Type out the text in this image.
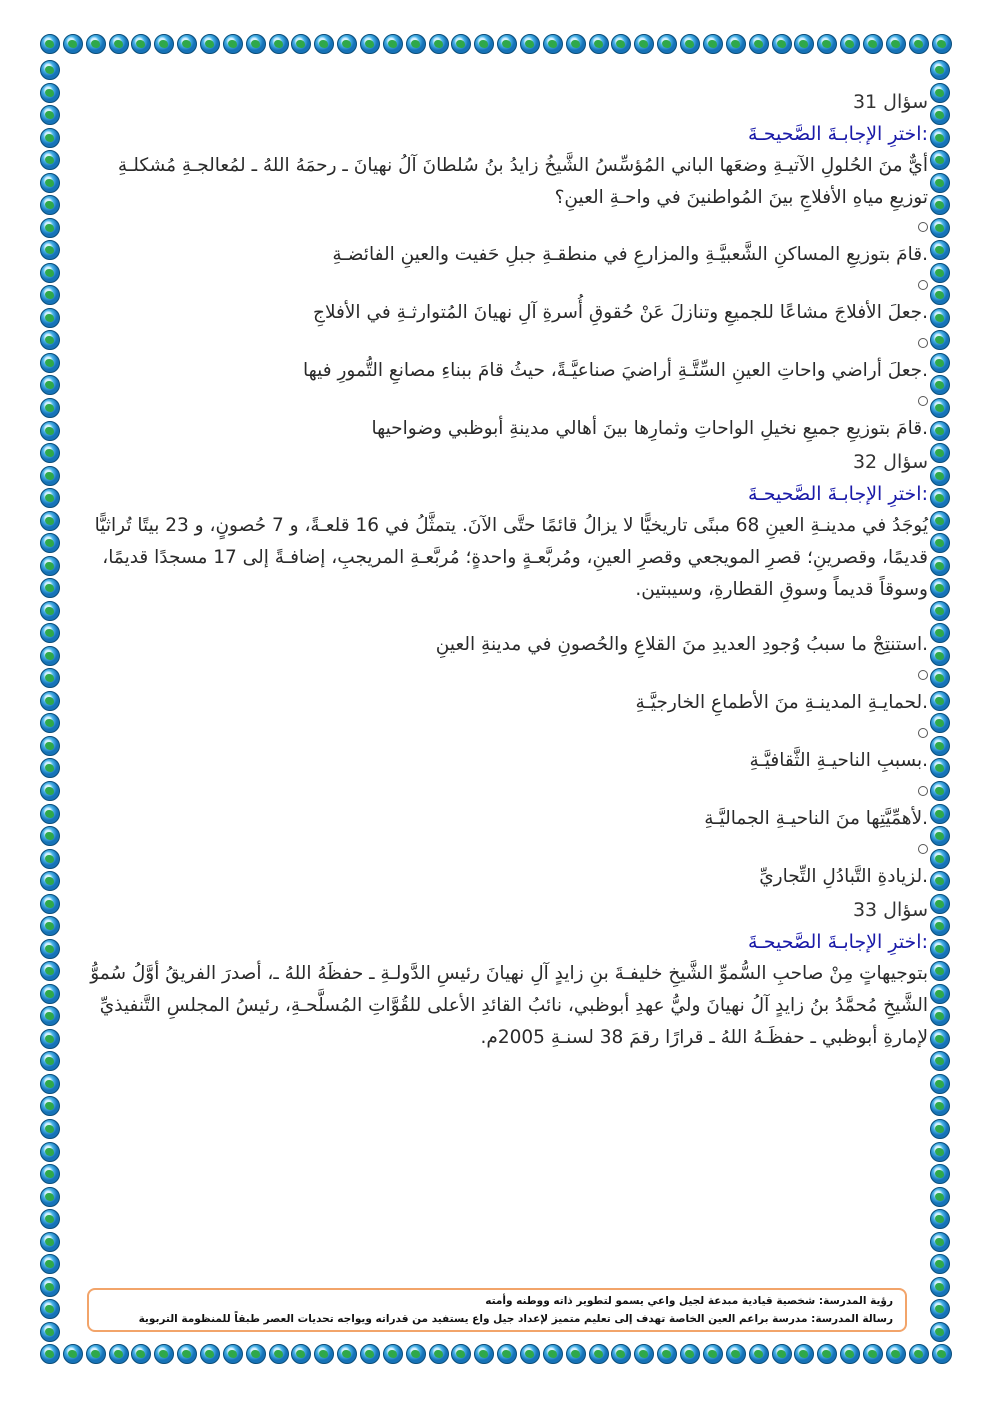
سؤال 31
:اخترِ الإجابـةَ الصَّحيحـةَ
أيٌّ منَ الحُلولِ الآتيـةِ وضعَها الباني المُؤسِّسُ الشَّيخُ زايدُ بنُ سُلطانَ آلُ نهيانَ ـ رحمَهُ اللهُ ـ لمُعالجـةِ مُشكلـةِ توزيعِ مياهِ الأفلاجِ بينَ المُواطنينَ في واحـةِ العينِ؟
.قامَ بتوزيعِ المساكنِ الشَّعبيَّـةِ والمزارعِ في منطقـةِ جبلِ حَفيت والعينِ الفائضـةِ
.جعلَ الأفلاجَ مشاعًا للجميعِ وتنازلَ عَنْ حُقوقِ أُسرةِ آلِ نهيانَ المُتوارثـةِ في الأفلاجِ
.جعلَ أراضي واحاتِ العينِ السِّتَّـةِ أراضيَ صناعيَّـةً، حيثُ قامَ ببناءِ مصانعِ التُّمورِ فيها
.قامَ بتوزيعِ جميعِ نخيلِ الواحاتِ وثمارِها بينَ أهالي مدينةِ أبوظبي وضواحيها
سؤال 32
:اخترِ الإجابـةَ الصَّحيحـةَ
يُوجَدُ في مدينـةِ العينِ 68 مبنًى تاريخيًّا لا يزالُ قائمًا حتَّى الآنَ. يتمثَّلُ في 16 قلعـةً، و 7 حُصونٍ، و 23 بيتًا تُراثيًّا قديمًا، وقصرينِ؛ قصرِ المويجعي وقصرِ العينِ، ومُربَّعـةٍ واحدةٍ؛ مُربَّعـةِ المريجبِ، إضافـةً إلى 17 مسجدًا قديمًا، وسوقاً قديماً وسوقِ القطارةِ، وسيبتين.
.استنتِجْ ما سببُ وُجودِ العديدِ منَ القلاعِ والحُصونِ في مدينةِ العينِ
.لحمايـةِ المدينـةِ منَ الأطماعِ الخارجيَّـةِ
.بسببِ الناحيـةِ الثَّقافيَّـةِ
.لأهمِّيَّتِها منَ الناحيـةِ الجماليَّـةِ
.لزيادةِ التَّبادُلِ التِّجاريِّ
سؤال 33
:اخترِ الإجابـةَ الصَّحيحـةَ
بتوجيهاتٍ مِنْ صاحبِ السُّموِّ الشَّيخِ خليفـةَ بنِ زايدٍ آلِ نهيانَ رئيسِ الدَّولـةِ ـ حفظَهُ اللهُ ـ، أصدرَ الفريقُ أوَّلُ سُموُّ الشَّيخِ مُحمَّدُ بنُ زايدٍ آلُ نهيانَ وليُّ عهدِ أبوظبي، نائبُ القائدِ الأعلى للقُوَّاتِ المُسلَّحـةِ، رئيسُ المجلسِ التَّنفيذيِّ لإمارةِ أبوظبي ـ حفظَـهُ اللهُ ـ قرارًا رقمَ 38 لسنـةِ 2005م.
رؤية المدرسة: شخصية قيادية مبدعة لجيل واعي يسمو لتطوير ذاته ووطنه وأمته
رسالة المدرسة: مدرسة براعم العين الخاصة تهدف إلى تعليم متميز لإعداد جيل واع يستفيد من قدراته ويواجه تحديات العصر طبقاً للمنظومة التربوية
